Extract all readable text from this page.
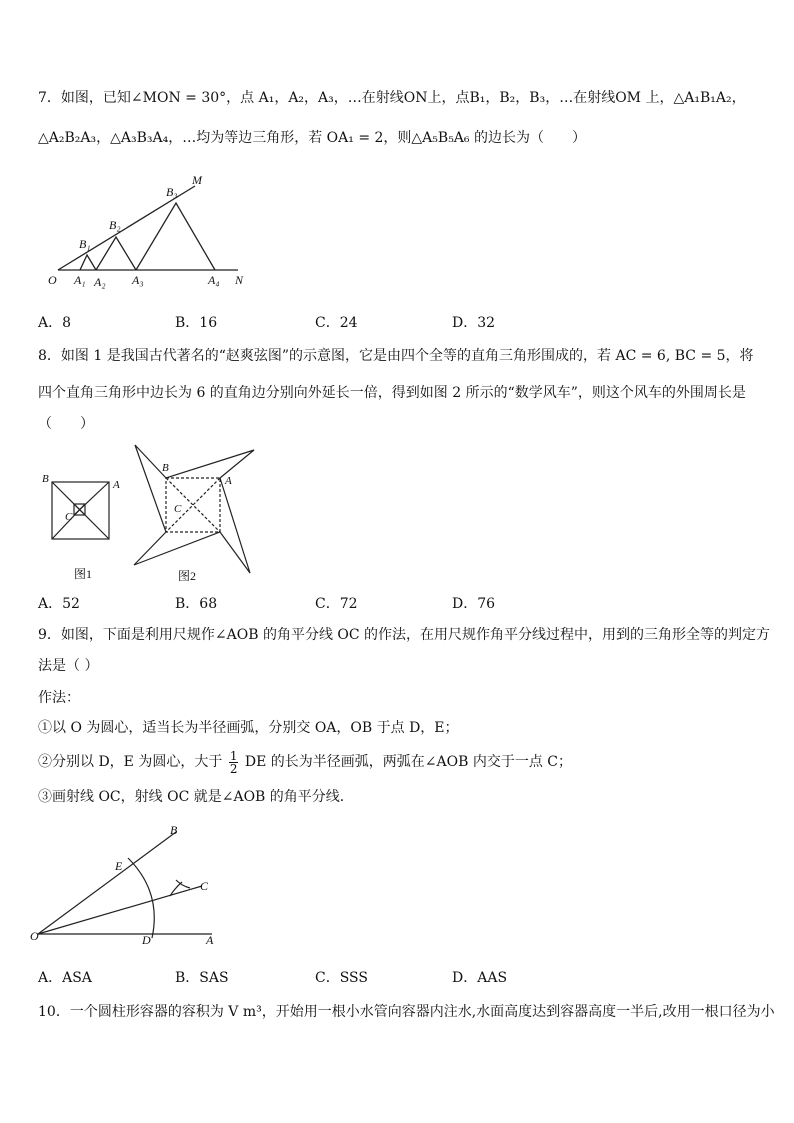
7．如图，已知∠MON = 30°，点 A₁，A₂，A₃，…在射线ON上，点B₁，B₂，B₃，…在射线OM 上，△A₁B₁A₂，
△A₂B₂A₃，△A₃B₃A₄，…均为等边三角形，若 OA₁ = 2，则△A₅B₅A₆ 的边长为（　　）
O
M
N
A₁ A₂ A₃	A₄
B₁
B₂
B₃
A．8	B．16	C．24	D．32
8．如图 1 是我国古代著名的“赵爽弦图”的示意图，它是由四个全等的直角三角形围成的，若 AC = 6, BC = 5，将
四个直角三角形中边长为 6 的直角边分别向外延长一倍，得到如图 2 所示的“数学风车”，则这个风车的外围周长是
（　　）
B	A
C
图1
B
A
C
图2
A．52	B．68	C．72	D．76
9．如图，下面是利用尺规作∠AOB 的角平分线 OC 的作法，在用尺规作角平分线过程中，用到的三角形全等的判定方
法是（ ）
作法：
①以 O 为圆心，适当长为半径画弧，分别交 OA，OB 于点 D，E；
②分别以 D，E 为圆心，大于 $\frac{1}{2}$ DE 的长为半径画弧，两弧在∠AOB 内交于一点 C；
③画射线 OC，射线 OC 就是∠AOB 的角平分线．
O	A
B
C
D
E
A．ASA	B．SAS	C．SSS	D．AAS
10．一个圆柱形容器的容积为 V m³，开始用一根小水管向容器内注水,水面高度达到容器高度一半后,改用一根口径为小
